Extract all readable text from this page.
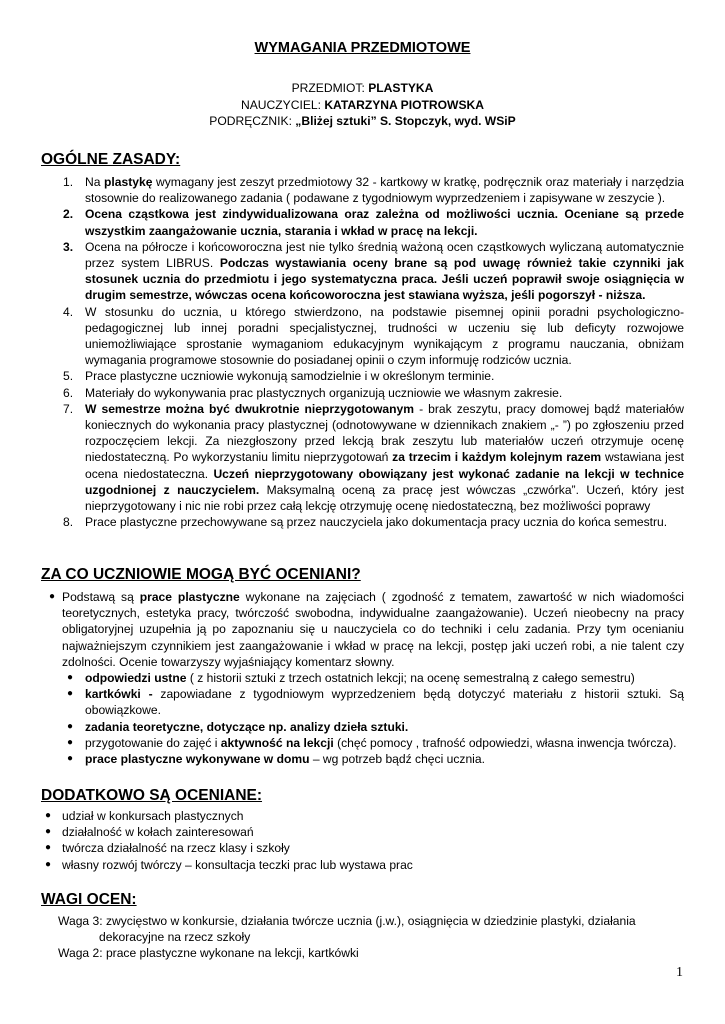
WYMAGANIA PRZEDMIOTOWE
PRZEDMIOT: PLASTYKA
NAUCZYCIEL: KATARZYNA PIOTROWSKA
PODRĘCZNIK: „Bliżej sztuki” S. Stopczyk, wyd. WSiP
OGÓLNE ZASADY:
1. Na plastykę wymagany jest zeszyt przedmiotowy 32 - kartkowy w kratkę, podręcznik oraz materiały i narzędzia stosownie do realizowanego zadania ( podawane z tygodniowym wyprzedzeniem i zapisywane w zeszycie ).
2. Ocena cząstkowa jest zindywidualizowana oraz zależna od możliwości ucznia. Oceniane są przede wszystkim zaangażowanie ucznia, starania i wkład w pracę na lekcji.
3. Ocena na półrocze i końcoworoczna jest nie tylko średnią ważoną ocen cząstkowych wyliczaną automatycznie przez system LIBRUS. Podczas wystawiania oceny brane są pod uwagę również takie czynniki jak stosunek ucznia do przedmiotu i jego systematyczna praca. Jeśli uczeń poprawił swoje osiągnięcia w drugim semestrze, wówczas ocena końcoworoczna jest stawiana wyższa, jeśli pogorszył - niższa.
4. W stosunku do ucznia, u którego stwierdzono, na podstawie pisemnej opinii poradni psychologiczno-pedagogicznej lub innej poradni specjalistycznej, trudności w uczeniu się lub deficyty rozwojowe uniemożliwiające sprostanie wymaganiom edukacyjnym wynikającym z programu nauczania, obniżam wymagania programowe stosownie do posiadanej opinii o czym informuję rodziców ucznia.
5. Prace plastyczne uczniowie wykonują samodzielnie i w określonym terminie.
6. Materiały do wykonywania prac plastycznych organizują uczniowie we własnym zakresie.
7. W semestrze można być dwukrotnie nieprzygotowanym - brak zeszytu, pracy domowej bądź materiałów koniecznych do wykonania pracy plastycznej (odnotowywane w dziennikach znakiem „- ”) po zgłoszeniu przed rozpoczęciem lekcji. Za niezgłoszony przed lekcją brak zeszytu lub materiałów uczeń otrzymuje ocenę niedostateczną. Po wykorzystaniu limitu nieprzygotowań za trzecim i każdym kolejnym razem wstawiana jest ocena niedostateczna. Uczeń nieprzygotowany obowiązany jest wykonać zadanie na lekcji w technice uzgodnionej z nauczycielem. Maksymalną oceną za pracę jest wówczas „czwórka”. Uczeń, który jest nieprzygotowany i nic nie robi przez całą lekcję otrzymuję ocenę niedostateczną, bez możliwości poprawy
8. Prace plastyczne przechowywane są przez nauczyciela jako dokumentacja pracy ucznia do końca semestru.
ZA CO UCZNIOWIE MOGĄ BYĆ OCENIANI?
● Podstawą są prace plastyczne wykonane na zajęciach ( zgodność z tematem, zawartość w nich wiadomości teoretycznych, estetyka pracy, twórczość swobodna, indywidualne zaangażowanie). Uczeń nieobecny na pracy obligatoryjnej uzupełnia ją po zapoznaniu się u nauczyciela co do techniki i celu zadania. Przy tym ocenianiu najważniejszym czynnikiem jest zaangażowanie i wkład w pracę na lekcji, postęp jaki uczeń robi, a nie talent czy zdolności. Ocenie towarzyszy wyjaśniający komentarz słowny.
● odpowiedzi ustne ( z historii sztuki z trzech ostatnich lekcji; na ocenę semestralną z całego semestru)
● kartkówki - zapowiadane z tygodniowym wyprzedzeniem będą dotyczyć materiału z historii sztuki. Są obowiązkowe.
● zadania teoretyczne, dotyczące np. analizy dzieła sztuki.
● przygotowanie do zajęć i aktywność na lekcji (chęć pomocy , trafność odpowiedzi, własna inwencja twórcza).
● prace plastyczne wykonywane w domu – wg potrzeb bądź chęci ucznia.
DODATKOWO SĄ OCENIANE:
● udział w konkursach plastycznych
● działalność w kołach zainteresowań
● twórcza działalność na rzecz klasy i szkoły
● własny rozwój twórczy – konsultacja teczki prac lub wystawa prac
WAGI OCEN:
Waga 3: zwycięstwo w konkursie, działania twórcze ucznia (j.w.), osiągnięcia w dziedzinie plastyki, działania
dekoracyjne na rzecz szkoły
Waga 2: prace plastyczne wykonane na lekcji, kartkówki
1
